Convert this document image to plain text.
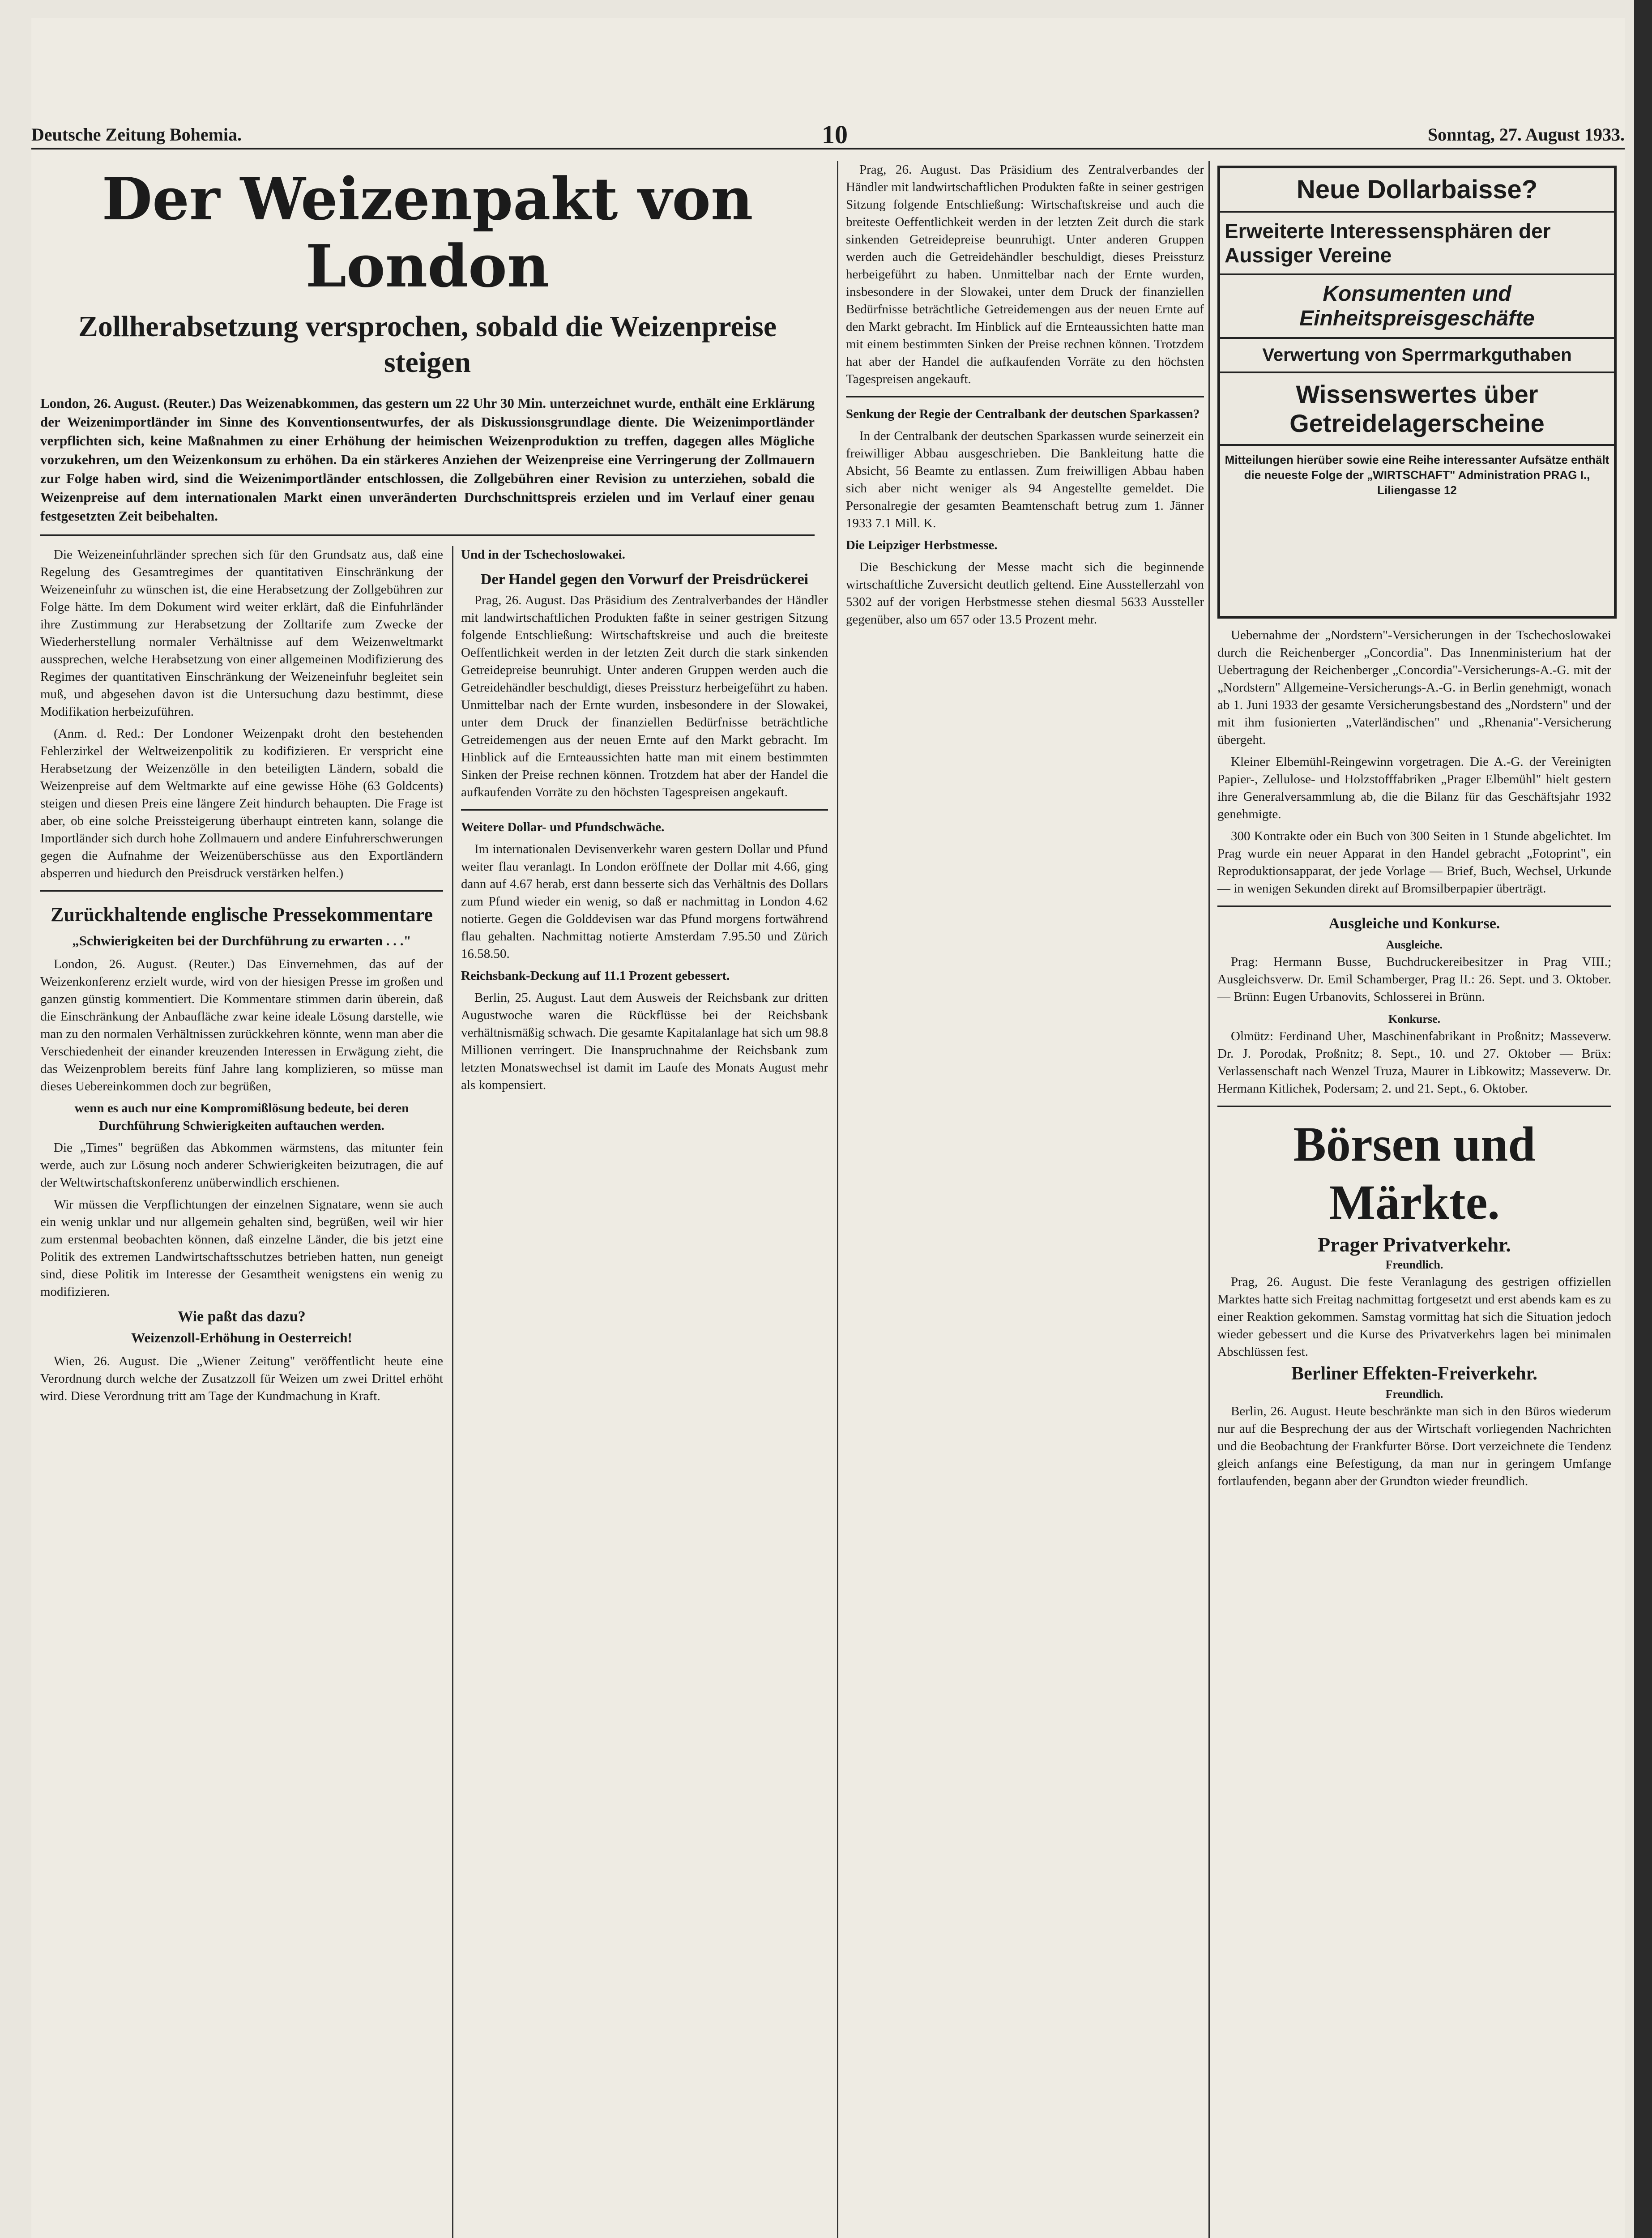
Deutsche Zeitung Bohemia.	10	Sonntag, 27. August 1933.
Der Weizenpakt von London
Zollherabsetzung versprochen, sobald die Weizenpreise steigen
London, 26. August. (Reuter.) Das Weizenabkommen, das gestern um 22 Uhr 30 Min. unterzeichnet wurde, enthält eine Erklärung der Weizenimportländer im Sinne des Konventionsentwurfes, der als Diskussionsgrundlage diente. Die Weizenimportländer verpflichten sich, keine Maßnahmen zu einer Erhöhung der heimischen Weizenproduktion zu treffen, dagegen alles Mögliche vorzukehren, um den Weizenkonsum zu erhöhen. Da ein stärkeres Anziehen der Weizenpreise eine Verringerung der Zollmauern zur Folge haben wird, sind die Weizenimportländer entschlossen, die Zollgebühren einer Revision zu unterziehen, sobald die Weizenpreise auf dem internationalen Markt einen unveränderten Durchschnittspreis erzielen und im Verlauf einer genau festgesetzten Zeit beibehalten.

Die Weizeneinfuhrländer sprechen sich für den Grundsatz aus, daß eine Regelung des Gesamtregimes der quantitativen Einschränkung der Weizeneinfuhr zu wünschen ist, die eine Herabsetzung der Zollgebühren zur Folge hätte. Im dem Dokument wird weiter erklärt, daß die Einfuhrländer ihre Zustimmung zur Herabsetzung der Zolltarife zum Zwecke der Wiederherstellung normaler Verhältnisse auf dem Weizenweltmarkt aussprechen, welche Herabsetzung von einer allgemeinen Modifizierung des Regimes der quantitativen Einschränkung der Weizeneinfuhr begleitet sein muß, und abgesehen davon ist die Untersuchung dazu bestimmt, diese Modifikation herbeizuführen.

(Anm. d. Red.: Der Londoner Weizenpakt droht den bestehenden Fehlerzirkel der Weltweizenpolitik zu kodifizieren. Er verspricht eine Herabsetzung der Weizenzölle in den beteiligten Ländern, sobald die Weizenpreise auf dem Weltmarkte auf eine gewisse Höhe (63 Goldcents) steigen und diesen Preis eine längere Zeit hindurch behaupten. Die Frage ist aber, ob eine solche Preissteigerung überhaupt eintreten kann, solange die Importländer sich durch hohe Zollmauern und andere Einfuhrerschwerungen gegen die Aufnahme der Weizenüberschüsse aus den Exportländern absperren und hiedurch den Preisdruck verstärken helfen.)

Zurückhaltende englische Pressekommentare
„Schwierigkeiten bei der Durchführung zu erwarten . . ."

London, 26. August. (Reuter.) Das Einvernehmen, das auf der Weizenkonferenz erzielt wurde, wird von der hiesigen Presse im großen und ganzen günstig kommentiert. Die Kommentare stimmen darin überein, daß die Einschränkung der Anbaufläche zwar keine ideale Lösung darstelle, wie man zu den normalen Verhältnissen zurückkehren könnte, wenn man aber die Verschiedenheit der einander kreuzenden Interessen in Erwägung zieht, die das Weizenproblem bereits fünf Jahre lang komplizieren, so müsse man dieses Uebereinkommen doch zur begrüßen,

wenn es auch nur eine Kompromißlösung bedeute, bei deren Durchführung Schwierigkeiten auftauchen werden.

Die „Times" begrüßen das Abkommen wärmstens, das mitunter fein werde, auch zur Lösung noch anderer Schwierigkeiten beizutragen, die auf der Weltwirtschaftskonferenz unüberwindlich erschienen.

Wir müssen die Verpflichtungen der einzelnen Signatare, wenn sie auch ein wenig unklar und nur allgemein gehalten sind, begrüßen, weil wir hier zum erstenmal beobachten können, daß einzelne Länder, die bis jetzt eine Politik des extremen Landwirtschaftsschutzes betrieben hatten, nun geneigt sind, diese Politik im Interesse der Gesamtheit wenigstens ein wenig zu modifizieren.

Wie paßt das dazu?
Weizenzoll-Erhöhung in Oesterreich!

Wien, 26. August. Die „Wiener Zeitung" veröffentlicht heute eine Verordnung durch welche der Zusatzzoll für Weizen um zwei Drittel erhöht wird. Diese Verordnung tritt am Tage der Kundmachung in Kraft.

Und in der Tschechoslowakei.

Der Handel gegen den Vorwurf der Preisdrückerei

Prag, 26. August. Das Präsidium des Zentralverbandes der Händler mit landwirtschaftlichen Produkten faßte in seiner gestrigen Sitzung folgende Entschließung: Wirtschaftskreise und auch die breiteste Oeffentlichkeit werden in der letzten Zeit durch die stark sinkenden Getreidepreise beunruhigt. Unter anderen Gruppen werden auch die Getreidehändler beschuldigt, dieses Preissturz herbeigeführt zu haben. Unmittelbar nach der Ernte wurden, insbesondere in der Slowakei, unter dem Druck der finanziellen Bedürfnisse beträchtliche Getreidemengen aus der neuen Ernte auf den Markt gebracht. Im Hinblick auf die Ernteaussichten hatte man mit einem bestimmten Sinken der Preise rechnen können. Trotzdem hat aber der Handel die aufkaufenden Vorräte zu den höchsten Tagespreisen angekauft.

Weitere Dollar- und Pfundschwäche.

Im internationalen Devisenverkehr waren gestern Dollar und Pfund weiter flau veranlagt. In London eröffnete der Dollar mit 4.66, ging dann auf 4.67 herab, erst dann besserte sich das Verhältnis des Dollars zum Pfund wieder ein wenig, so daß er nachmittag in London 4.62 notierte. Gegen die Golddevisen war das Pfund morgens fortwährend flau gehalten. Nachmittag notierte Amsterdam 7.95.50 und Zürich 16.58.50.

Reichsbank-Deckung auf 11.1 Prozent gebessert.

Berlin, 25. August. Laut dem Ausweis der Reichsbank zur dritten Augustwoche waren die Rückflüsse bei der Reichsbank verhältnismäßig schwach. Die gesamte Kapitalanlage hat sich um 98.8 Millionen verringert. Die Inanspruchnahme der Reichsbank zum letzten Monatswechsel ist damit im Laufe des Monats August mehr als kompensiert.

Prag, 26. August. Das Präsidium des Zentralverbandes der Händler mit landwirtschaftlichen Produkten faßte in seiner gestrigen Sitzung folgende Entschließung: Wirtschaftskreise und auch die breiteste Oeffentlichkeit werden in der letzten Zeit durch die stark sinkenden Getreidepreise beunruhigt. Unter anderen Gruppen werden auch die Getreidehändler beschuldigt, dieses Preissturz herbeigeführt zu haben. Unmittelbar nach der Ernte wurden, insbesondere in der Slowakei, unter dem Druck der finanziellen Bedürfnisse beträchtliche Getreidemengen aus der neuen Ernte auf den Markt gebracht. Im Hinblick auf die Ernteaussichten hatte man mit einem bestimmten Sinken der Preise rechnen können. Trotzdem hat aber der Handel die aufkaufenden Vorräte zu den höchsten Tagespreisen angekauft.

Senkung der Regie der Centralbank der deutschen Sparkassen?

In der Centralbank der deutschen Sparkassen wurde seinerzeit ein freiwilliger Abbau ausgeschrieben. Die Bankleitung hatte die Absicht, 56 Beamte zu entlassen. Zum freiwilligen Abbau haben sich aber nicht weniger als 94 Angestellte gemeldet. Die Personalregie der gesamten Beamtenschaft betrug zum 1. Jänner 1933 7.1 Mill. K.

Die Leipziger Herbstmesse.

Die Beschickung der Messe macht sich die beginnende wirtschaftliche Zuversicht deutlich geltend. Eine Ausstellerzahl von 5302 auf der vorigen Herbstmesse stehen diesmal 5633 Aussteller gegenüber, also um 657 oder 13.5 Prozent mehr.

Neue Dollarbaisse?
Erweiterte Interessensphären der Aussiger Vereine
Konsumenten und Einheitspreisgeschäfte
Verwertung von Sperrmarkguthaben
Wissenswertes über Getreidelagerscheine
Mitteilungen hierüber sowie eine Reihe interessanter Aufsätze enthält die neueste Folge der „WIRTSCHAFT" Administration PRAG I., Liliengasse 12

Uebernahme der „Nordstern"-Versicherungen in der Tschechoslowakei durch die Reichenberger „Concordia". Das Innenministerium hat der Uebertragung der Reichenberger „Concordia"-Versicherungs-A.-G. mit der „Nordstern" Allgemeine-Versicherungs-A.-G. in Berlin genehmigt, wonach ab 1. Juni 1933 der gesamte Versicherungsbestand des „Nordstern" und der mit ihm fusionierten „Vaterländischen" und „Rhenania"-Versicherung übergeht.

Kleiner Elbemühl-Reingewinn vorgetragen. Die A.-G. der Vereinigten Papier-, Zellulose- und Holzstofffabriken „Prager Elbemühl" hielt gestern ihre Generalversammlung ab, die die Bilanz für das Geschäftsjahr 1932 genehmigte.

300 Kontrakte oder ein Buch von 300 Seiten in 1 Stunde abgelichtet. Im Prag wurde ein neuer Apparat in den Handel gebracht „Fotoprint", ein Reproduktionsapparat, der jede Vorlage — Brief, Buch, Wechsel, Urkunde — in wenigen Sekunden direkt auf Bromsilberpapier überträgt.

Ausgleiche und Konkurse.
Ausgleiche.

Prag: Hermann Busse, Buchdruckereibesitzer in Prag VIII.; Ausgleichsverw. Dr. Emil Schamberger, Prag II.: 26. Sept. und 3. Oktober. — Brünn: Eugen Urbanovits, Schlosserei in Brünn.

Konkurse.

Olmütz: Ferdinand Uher, Maschinenfabrikant in Proßnitz; Masseverw. Dr. J. Porodak, Proßnitz; 8. Sept., 10. und 27. Oktober — Brüx: Verlassenschaft nach Wenzel Truza, Maurer in Libkowitz; Masseverw. Dr. Hermann Kitlichek, Podersam; 2. und 21. Sept., 6. Oktober.

Börsen und Märkte.
Prager Privatverkehr.
Freundlich.

Prag, 26. August. Die feste Veranlagung des gestrigen offiziellen Marktes hatte sich Freitag nachmittag fortgesetzt und erst abends kam es zu einer Reaktion gekommen. Samstag vormittag hat sich die Situation jedoch wieder gebessert und die Kurse des Privatverkehrs lagen bei minimalen Abschlüssen fest.

Berliner Effekten-Freiverkehr.
Freundlich.

Berlin, 26. August. Heute beschränkte man sich in den Büros wiederum nur auf die Besprechung der aus der Wirtschaft vorliegenden Nachrichten und die Beobachtung der Frankfurter Börse. Dort verzeichnete die Tendenz gleich anfangs eine Befestigung, da man nur in geringem Umfange fortlaufenden, begann aber der Grundton wieder freundlich.
